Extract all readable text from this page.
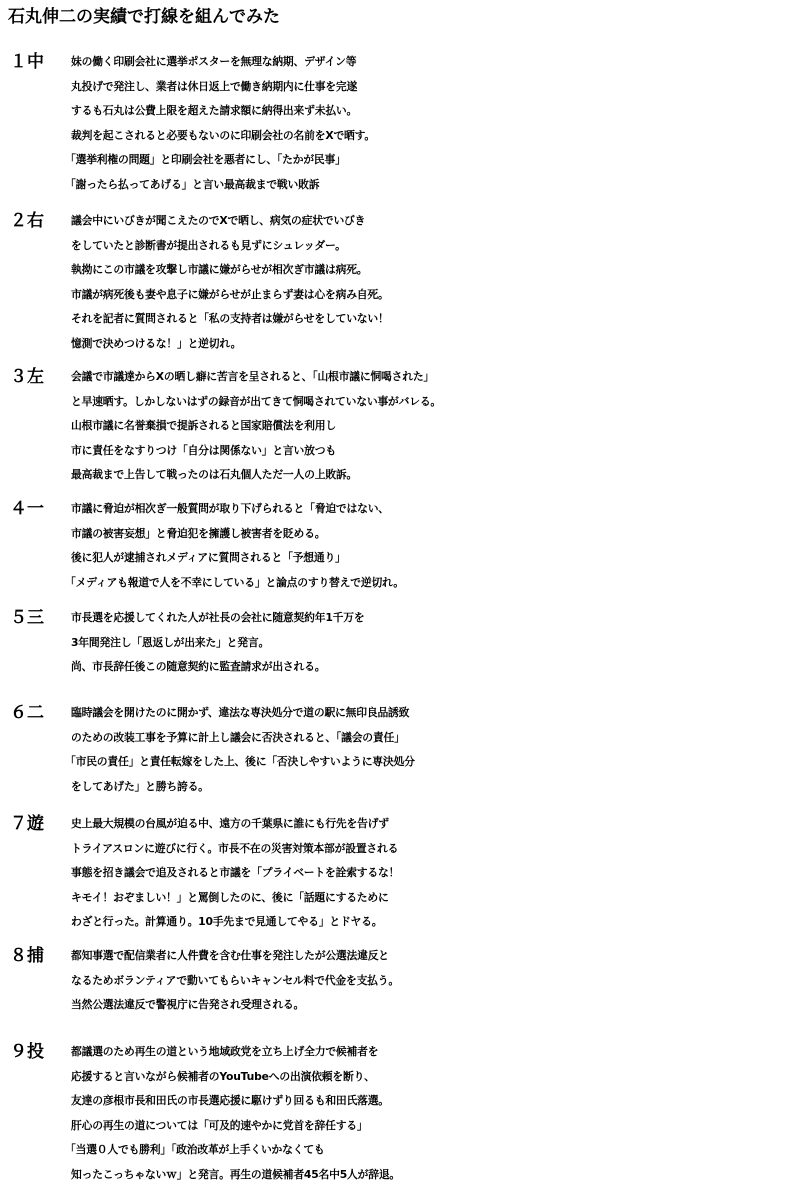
石丸伸二の実績で打線を組んでみた
１中	妹の働く印刷会社に選挙ポスターを無理な納期、デザイン等
丸投げで発注し、業者は休日返上で働き納期内に仕事を完遂
するも石丸は公費上限を超えた請求額に納得出来ず未払い。
裁判を起こされると必要もないのに印刷会社の名前をXで晒す。
「選挙利権の問題」と印刷会社を悪者にし、「たかが民事」
「謝ったら払ってあげる」と言い最高裁まで戦い敗訴
２右	議会中にいびきが聞こえたのでXで晒し、病気の症状でいびき
をしていたと診断書が提出されるも見ずにシュレッダー。
執拗にこの市議を攻撃し市議に嫌がらせが相次ぎ市議は病死。
市議が病死後も妻や息子に嫌がらせが止まらず妻は心を病み自死。
それを記者に質問されると「私の支持者は嫌がらせをしていない！
憶測で決めつけるな！」と逆切れ。
３左	会議で市議達からXの晒し癖に苦言を呈されると、「山根市議に恫喝された」
と早速晒す。しかしないはずの録音が出てきて恫喝されていない事がバレる。
山根市議に名誉棄損で提訴されると国家賠償法を利用し
市に責任をなすりつけ「自分は関係ない」と言い放つも
最高裁まで上告して戦ったのは石丸個人ただ一人の上敗訴。
４一	市議に脅迫が相次ぎ一般質問が取り下げられると「脅迫ではない、
市議の被害妄想」と脅迫犯を擁護し被害者を貶める。
後に犯人が逮捕されメディアに質問されると「予想通り」
「メディアも報道で人を不幸にしている」と論点のすり替えで逆切れ。
５三	市長選を応援してくれた人が社長の会社に随意契約年1千万を
3年間発注し「恩返しが出来た」と発言。
尚、市長辞任後この随意契約に監査請求が出される。
６二	臨時議会を開けたのに開かず、違法な専決処分で道の駅に無印良品誘致
のための改装工事を予算に計上し議会に否決されると、「議会の責任」
「市民の責任」と責任転嫁をした上、後に「否決しやすいように専決処分
をしてあげた」と勝ち誇る。
７遊	史上最大規模の台風が迫る中、遠方の千葉県に誰にも行先を告げず
トライアスロンに遊びに行く。市長不在の災害対策本部が設置される
事態を招き議会で追及されると市議を「プライベートを詮索するな！
キモイ！おぞましい！」と罵倒したのに、後に「話題にするために
わざと行った。計算通り。10手先まで見通してやる」とドヤる。
８捕	都知事選で配信業者に人件費を含む仕事を発注したが公選法違反と
なるためボランティアで動いてもらいキャンセル料で代金を支払う。
当然公選法違反で警視庁に告発され受理される。
９投	都議選のため再生の道という地域政党を立ち上げ全力で候補者を
応援すると言いながら候補者のYouTubeへの出演依頼を断り、
友達の彦根市長和田氏の市長選応援に駆けずり回るも和田氏落選。
肝心の再生の道については「可及的速やかに党首を辞任する」
「当選０人でも勝利」「政治改革が上手くいかなくても
知ったこっちゃないｗ」と発言。再生の道候補者45名中5人が辞退。
